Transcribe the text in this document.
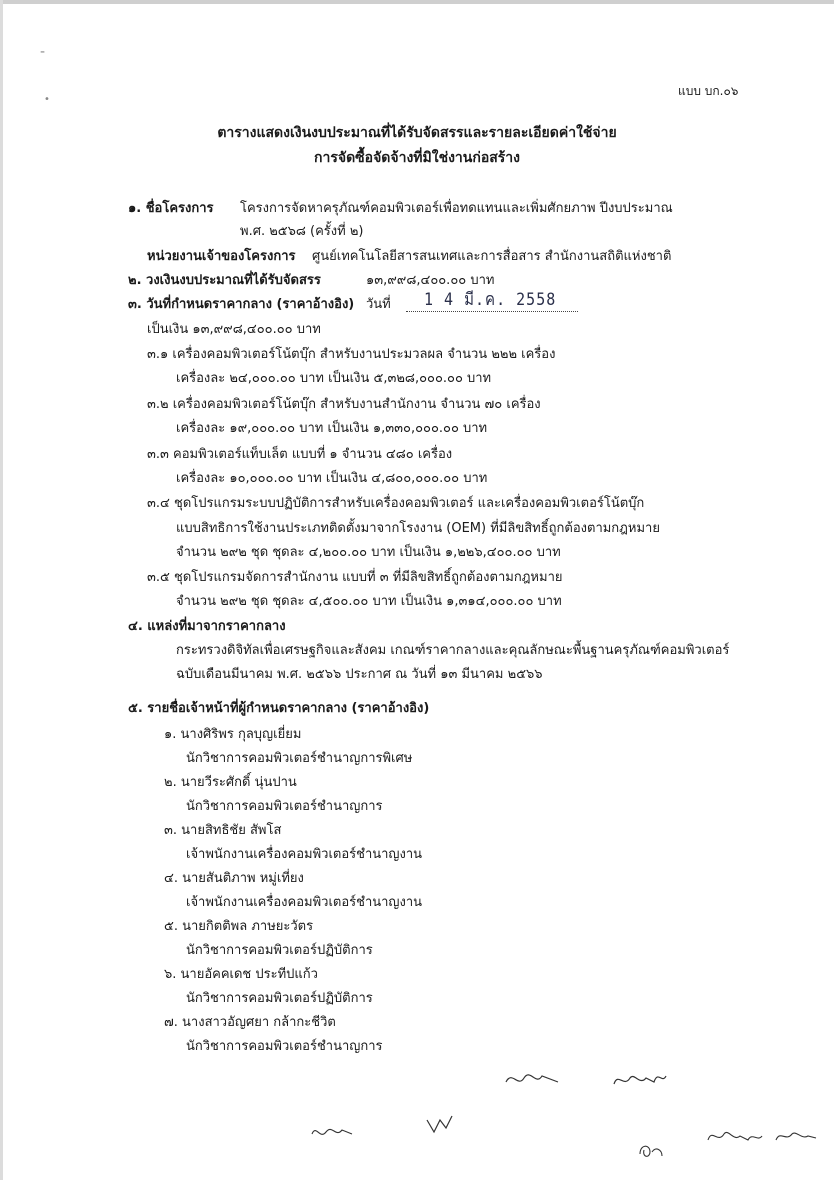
-
•
แบบ บก.๐๖
ตารางแสดงเงินงบประมาณที่ได้รับจัดสรรและรายละเอียดค่าใช้จ่าย
การจัดซื้อจัดจ้างที่มิใช่งานก่อสร้าง
๑. ชื่อโครงการ โครงการจัดหาครุภัณฑ์คอมพิวเตอร์เพื่อทดแทนและเพิ่มศักยภาพ ปีงบประมาณ
พ.ศ. ๒๕๖๘ (ครั้งที่ ๒)
หน่วยงานเจ้าของโครงการ ศูนย์เทคโนโลยีสารสนเทศและการสื่อสาร สำนักงานสถิติแห่งชาติ
๒. วงเงินงบประมาณที่ได้รับจัดสรร	๑๓,๙๙๘,๔๐๐.๐๐ บาท
๓. วันที่กำหนดราคากลาง (ราคาอ้างอิง) วันที่ 1 4 มี.ค. 2558
เป็นเงิน ๑๓,๙๙๘,๔๐๐.๐๐ บาท
๓.๑ เครื่องคอมพิวเตอร์โน้ตบุ๊ก สำหรับงานประมวลผล จำนวน ๒๒๒ เครื่อง
เครื่องละ ๒๔,๐๐๐.๐๐ บาท เป็นเงิน ๕,๓๒๘,๐๐๐.๐๐ บาท
๓.๒ เครื่องคอมพิวเตอร์โน้ตบุ๊ก สำหรับงานสำนักงาน จำนวน ๗๐ เครื่อง
เครื่องละ ๑๙,๐๐๐.๐๐ บาท เป็นเงิน ๑,๓๓๐,๐๐๐.๐๐ บาท
๓.๓ คอมพิวเตอร์แท็บเล็ต แบบที่ ๑ จำนวน ๔๘๐ เครื่อง
เครื่องละ ๑๐,๐๐๐.๐๐ บาท เป็นเงิน ๔,๘๐๐,๐๐๐.๐๐ บาท
๓.๔ ชุดโปรแกรมระบบปฏิบัติการสำหรับเครื่องคอมพิวเตอร์ และเครื่องคอมพิวเตอร์โน้ตบุ๊ก
แบบสิทธิการใช้งานประเภทติดตั้งมาจากโรงงาน (OEM) ที่มีลิขสิทธิ์ถูกต้องตามกฎหมาย
จำนวน ๒๙๒ ชุด ชุดละ ๔,๒๐๐.๐๐ บาท เป็นเงิน ๑,๒๒๖,๔๐๐.๐๐ บาท
๓.๕ ชุดโปรแกรมจัดการสำนักงาน แบบที่ ๓ ที่มีลิขสิทธิ์ถูกต้องตามกฎหมาย
จำนวน ๒๙๒ ชุด ชุดละ ๔,๕๐๐.๐๐ บาท เป็นเงิน ๑,๓๑๔,๐๐๐.๐๐ บาท
๔. แหล่งที่มาจากราคากลาง
กระทรวงดิจิทัลเพื่อเศรษฐกิจและสังคม เกณฑ์ราคากลางและคุณลักษณะพื้นฐานครุภัณฑ์คอมพิวเตอร์
ฉบับเดือนมีนาคม พ.ศ. ๒๕๖๖ ประกาศ ณ วันที่ ๑๓ มีนาคม ๒๕๖๖
๕. รายชื่อเจ้าหน้าที่ผู้กำหนดราคากลาง (ราคาอ้างอิง)
๑. นางศิริพร กุลบุญเยี่ยม
นักวิชาการคอมพิวเตอร์ชำนาญการพิเศษ
๒. นายวีระศักดิ์ นุ่นปาน
นักวิชาการคอมพิวเตอร์ชำนาญการ
๓. นายสิทธิชัย สัพโส
เจ้าพนักงานเครื่องคอมพิวเตอร์ชำนาญงาน
๔. นายสันติภาพ หมู่เที่ยง
เจ้าพนักงานเครื่องคอมพิวเตอร์ชำนาญงาน
๕. นายกิตติพล ภาษยะวัตร
นักวิชาการคอมพิวเตอร์ปฏิบัติการ
๖. นายอัคคเดช ประทีปแก้ว
นักวิชาการคอมพิวเตอร์ปฏิบัติการ
๗. นางสาวอัญศยา กล้ากะชีวิต
นักวิชาการคอมพิวเตอร์ชำนาญการ
